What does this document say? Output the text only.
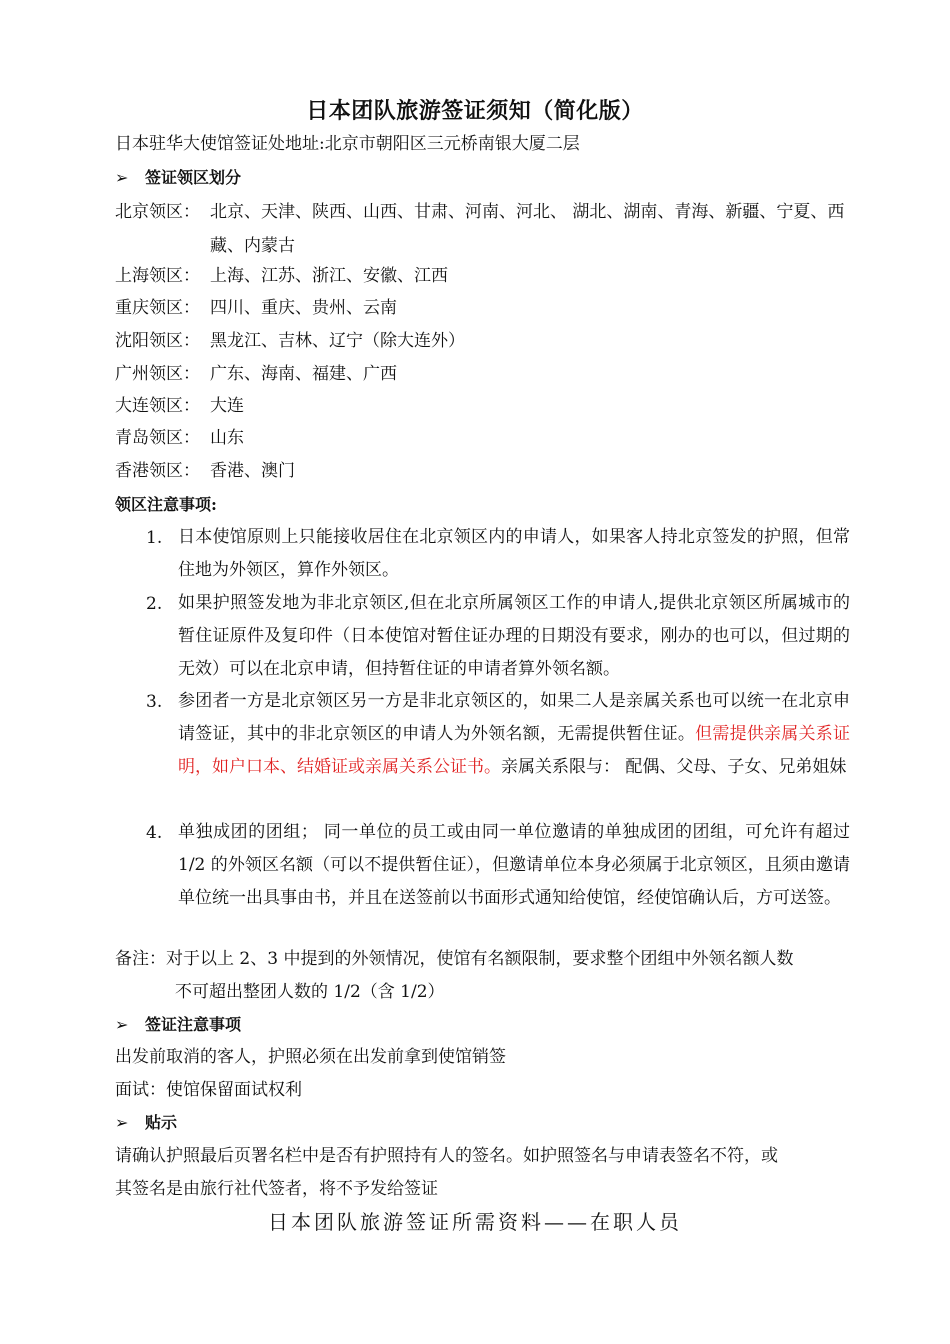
日本团队旅游签证须知（简化版）
日本驻华大使馆签证处地址:北京市朝阳区三元桥南银大厦二层
➢ 签证领区划分
北京领区： 北京、天津、陕西、山西、甘肃、河南、河北、 湖北、湖南、青海、新疆、宁夏、西藏、内蒙古
上海领区： 上海、江苏、浙江、安徽、江西
重庆领区： 四川、重庆、贵州、云南
沈阳领区： 黑龙江、吉林、辽宁（除大连外）
广州领区： 广东、海南、福建、广西
大连领区： 大连
青岛领区： 山东
香港领区： 香港、澳门
领区注意事项:
1. 日本使馆原则上只能接收居住在北京领区内的申请人，如果客人持北京签发的护照，但常住地为外领区，算作外领区。
2. 如果护照签发地为非北京领区,但在北京所属领区工作的申请人,提供北京领区所属城市的暂住证原件及复印件（日本使馆对暂住证办理的日期没有要求，刚办的也可以，但过期的无效）可以在北京申请，但持暂住证的申请者算外领名额。
3. 参团者一方是北京领区另一方是非北京领区的，如果二人是亲属关系也可以统一在北京申请签证，其中的非北京领区的申请人为外领名额，无需提供暂住证。但需提供亲属关系证明，如户口本、结婚证或亲属关系公证书。亲属关系限与： 配偶、父母、子女、兄弟姐妹
4. 单独成团的团组； 同一单位的员工或由同一单位邀请的单独成团的团组，可允许有超过 1/2 的外领区名额（可以不提供暂住证），但邀请单位本身必须属于北京领区，且须由邀请单位统一出具事由书，并且在送签前以书面形式通知给使馆，经使馆确认后，方可送签。
备注：对于以上 2、3 中提到的外领情况，使馆有名额限制，要求整个团组中外领名额人数
不可超出整团人数的 1/2（含 1/2）
➢ 签证注意事项
出发前取消的客人，护照必须在出发前拿到使馆销签
面试：使馆保留面试权利
➢ 贴示
请确认护照最后页署名栏中是否有护照持有人的签名。如护照签名与申请表签名不符，或
其签名是由旅行社代签者，将不予发给签证
日本团队旅游签证所需资料——在职人员
